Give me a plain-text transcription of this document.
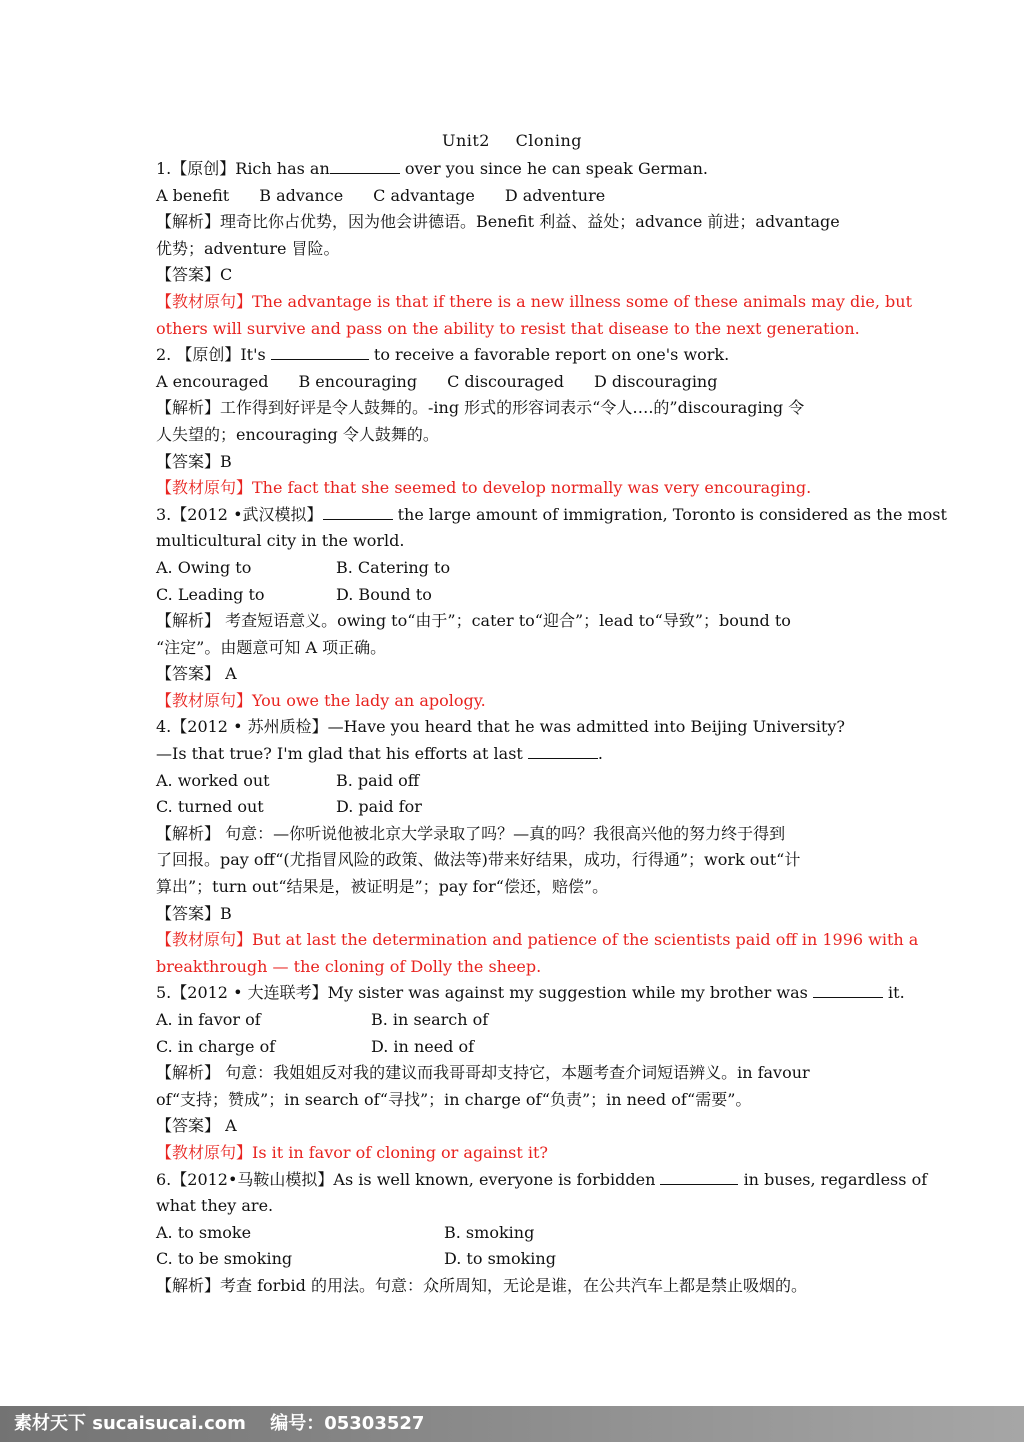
Unit2 Cloning
1.【原创】Rich has an	over you since he can speak German.
A benefit B advance C advantage D adventure
【解析】理奇比你占优势，因为他会讲德语。Benefit 利益、益处；advance 前进；advantage
优势；adventure 冒险。
【答案】C
【教材原句】The advantage is that if there is a new illness some of these animals may die, but
others will survive and pass on the ability to resist that disease to the next generation.
2. 【原创】It's	to receive a favorable report on one's work.
A encouraged B encouraging C discouraged D discouraging
【解析】工作得到好评是令人鼓舞的。-ing 形式的形容词表示“令人….的”discouraging 令
人失望的；encouraging 令人鼓舞的。
【答案】B
【教材原句】The fact that she seemed to develop normally was very encouraging.
3.【2012 •武汉模拟】	the large amount of immigration, Toronto is considered as the most
multicultural city in the world.
A. Owing to	B. Catering to
C. Leading to	D. Bound to
【解析】 考查短语意义。owing to“由于”；cater to“迎合”；lead to“导致”；bound to
“注定”。由题意可知 A 项正确。
【答案】 A
【教材原句】You owe the lady an apology.
4.【2012 • 苏州质检】—Have you heard that he was admitted into Beijing University?
—Is that true? I'm glad that his efforts at last	.
A. worked out	B. paid off
C. turned out	D. paid for
【解析】 句意：—你听说他被北京大学录取了吗？—真的吗？我很高兴他的努力终于得到
了回报。pay off“(尤指冒风险的政策、做法等)带来好结果，成功，行得通”；work out“计
算出”；turn out“结果是，被证明是”；pay for“偿还，赔偿”。
【答案】B
【教材原句】But at last the determination and patience of the scientists paid off in 1996 with a
breakthrough — the cloning of Dolly the sheep.
5.【2012 • 大连联考】My sister was against my suggestion while my brother was	it.
A. in favor of	B. in search of
C. in charge of	D. in need of
【解析】 句意：我姐姐反对我的建议而我哥哥却支持它，本题考查介词短语辨义。in favour
of“支持；赞成”；in search of“寻找”；in charge of“负责”；in need of“需要”。
【答案】 A
【教材原句】Is it in favor of cloning or against it?
6.【2012•马鞍山模拟】As is well known, everyone is forbidden	in buses, regardless of
what they are.
A. to smoke	B. smoking
C. to be smoking	D. to smoking
【解析】考查 forbid 的用法。句意：众所周知，无论是谁，在公共汽车上都是禁止吸烟的。
素材天下 sucaisucai.com 编号：05303527
